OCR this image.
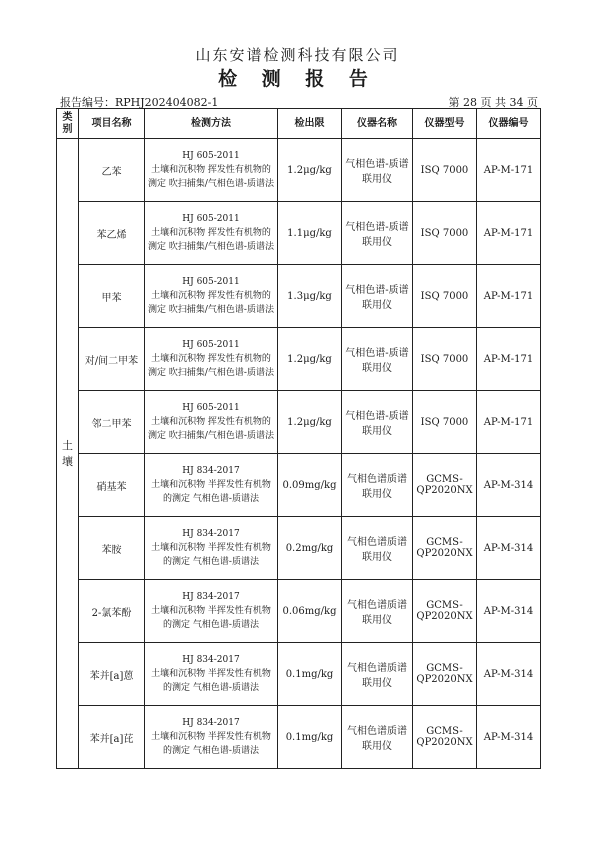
山东安谱检测科技有限公司
检 测 报 告
报告编号：RPHJ202404082-1	第 28 页 共 34 页
类别	项目名称	检测方法	检出限	仪器名称	仪器型号	仪器编号
土壤	乙苯	HJ 605-2011
土壤和沉积物 挥发性有机物的测定 吹扫捕集/气相色谱-质谱法	1.2μg/kg	气相色谱-质谱联用仪	ISQ 7000	AP-M-171
	苯乙烯	HJ 605-2011
土壤和沉积物 挥发性有机物的测定 吹扫捕集/气相色谱-质谱法	1.1μg/kg	气相色谱-质谱联用仪	ISQ 7000	AP-M-171
	甲苯	HJ 605-2011
土壤和沉积物 挥发性有机物的测定 吹扫捕集/气相色谱-质谱法	1.3μg/kg	气相色谱-质谱联用仪	ISQ 7000	AP-M-171
	对/间二甲苯	HJ 605-2011
土壤和沉积物 挥发性有机物的测定 吹扫捕集/气相色谱-质谱法	1.2μg/kg	气相色谱-质谱联用仪	ISQ 7000	AP-M-171
	邻二甲苯	HJ 605-2011
土壤和沉积物 挥发性有机物的测定 吹扫捕集/气相色谱-质谱法	1.2μg/kg	气相色谱-质谱联用仪	ISQ 7000	AP-M-171
	硝基苯	HJ 834-2017
土壤和沉积物 半挥发性有机物的测定 气相色谱-质谱法	0.09mg/kg	气相色谱质谱联用仪	GCMS-QP2020NX	AP-M-314
	苯胺	HJ 834-2017
土壤和沉积物 半挥发性有机物的测定 气相色谱-质谱法	0.2mg/kg	气相色谱质谱联用仪	GCMS-QP2020NX	AP-M-314
	2-氯苯酚	HJ 834-2017
土壤和沉积物 半挥发性有机物的测定 气相色谱-质谱法	0.06mg/kg	气相色谱质谱联用仪	GCMS-QP2020NX	AP-M-314
	苯并[a]蒽	HJ 834-2017
土壤和沉积物 半挥发性有机物的测定 气相色谱-质谱法	0.1mg/kg	气相色谱质谱联用仪	GCMS-QP2020NX	AP-M-314
	苯并[a]芘	HJ 834-2017
土壤和沉积物 半挥发性有机物的测定 气相色谱-质谱法	0.1mg/kg	气相色谱质谱联用仪	GCMS-QP2020NX	AP-M-314
